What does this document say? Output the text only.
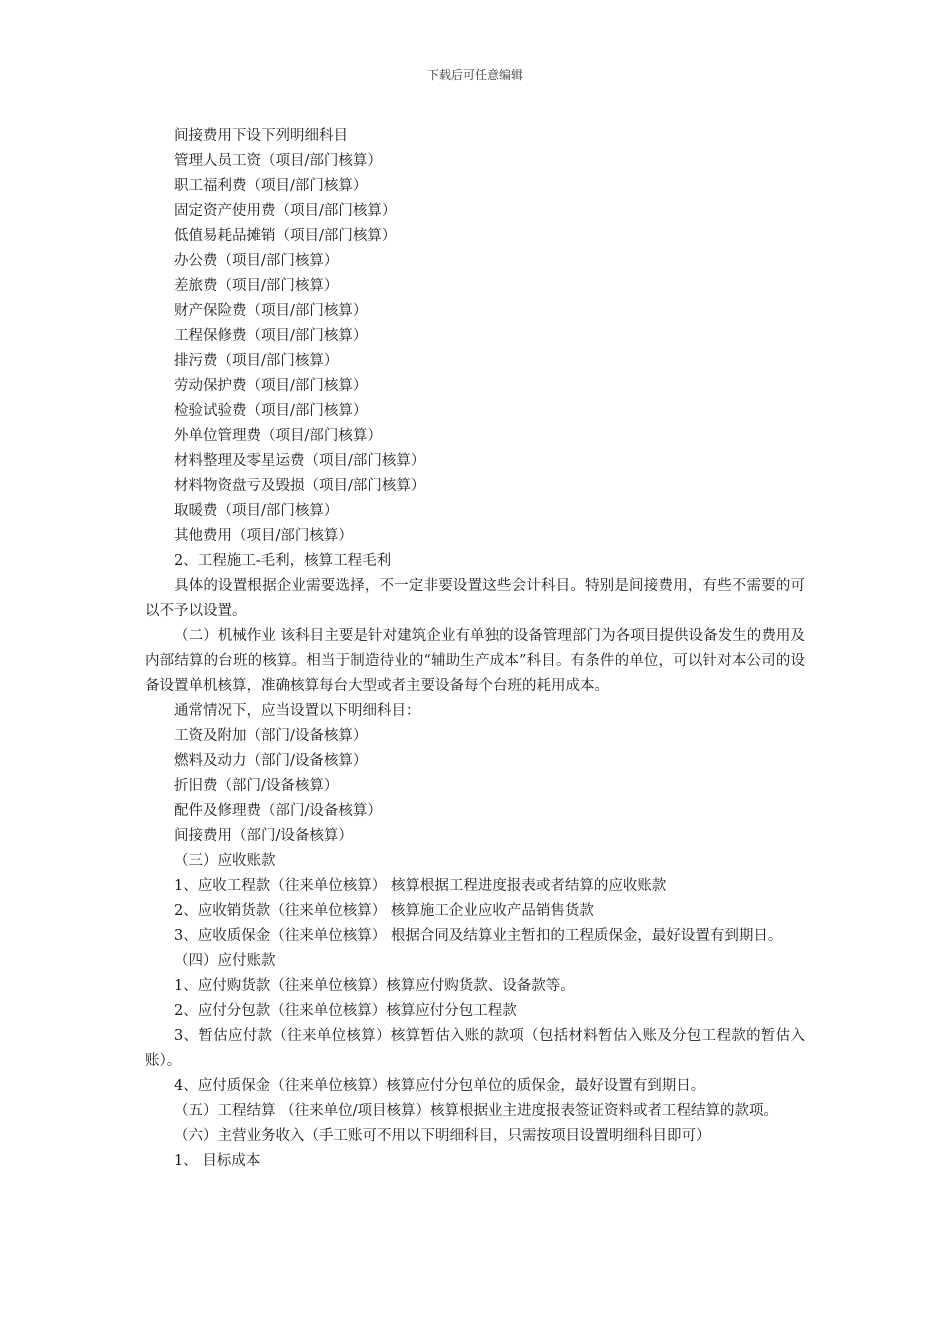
下载后可任意编辑

间接费用下设下列明细科目

管理人员工资（项目/部门核算）

职工福利费（项目/部门核算）

固定资产使用费（项目/部门核算）

低值易耗品摊销（项目/部门核算）

办公费（项目/部门核算）

差旅费（项目/部门核算）

财产保险费（项目/部门核算）

工程保修费（项目/部门核算）

排污费（项目/部门核算）

劳动保护费（项目/部门核算）

检验试验费（项目/部门核算）

外单位管理费（项目/部门核算）

材料整理及零星运费（项目/部门核算）

材料物资盘亏及毁损（项目/部门核算）

取暖费（项目/部门核算）

其他费用（项目/部门核算）

2、工程施工-毛利，核算工程毛利

具体的设置根据企业需要选择，不一定非要设置这些会计科目。特别是间接费用，有些不需要的可以不予以设置。

（二）机械作业 该科目主要是针对建筑企业有单独的设备管理部门为各项目提供设备发生的费用及内部结算的台班的核算。相当于制造待业的“辅助生产成本”科目。有条件的单位，可以针对本公司的设备设置单机核算，准确核算每台大型或者主要设备每个台班的耗用成本。

通常情况下，应当设置以下明细科目：

工资及附加（部门/设备核算）

燃料及动力（部门/设备核算）

折旧费（部门/设备核算）

配件及修理费（部门/设备核算）

间接费用（部门/设备核算）

（三）应收账款

1、应收工程款（往来单位核算） 核算根据工程进度报表或者结算的应收账款

2、应收销货款（往来单位核算） 核算施工企业应收产品销售货款

3、应收质保金（往来单位核算） 根据合同及结算业主暂扣的工程质保金，最好设置有到期日。

（四）应付账款

1、应付购货款（往来单位核算）核算应付购货款、设备款等。

2、应付分包款（往来单位核算）核算应付分包工程款

3、暂估应付款（往来单位核算）核算暂估入账的款项（包括材料暂估入账及分包工程款的暂估入账）。

4、应付质保金（往来单位核算）核算应付分包单位的质保金，最好设置有到期日。

（五）工程结算 （往来单位/项目核算）核算根据业主进度报表签证资料或者工程结算的款项。

（六）主营业务收入（手工账可不用以下明细科目，只需按项目设置明细科目即可）

1、 目标成本
